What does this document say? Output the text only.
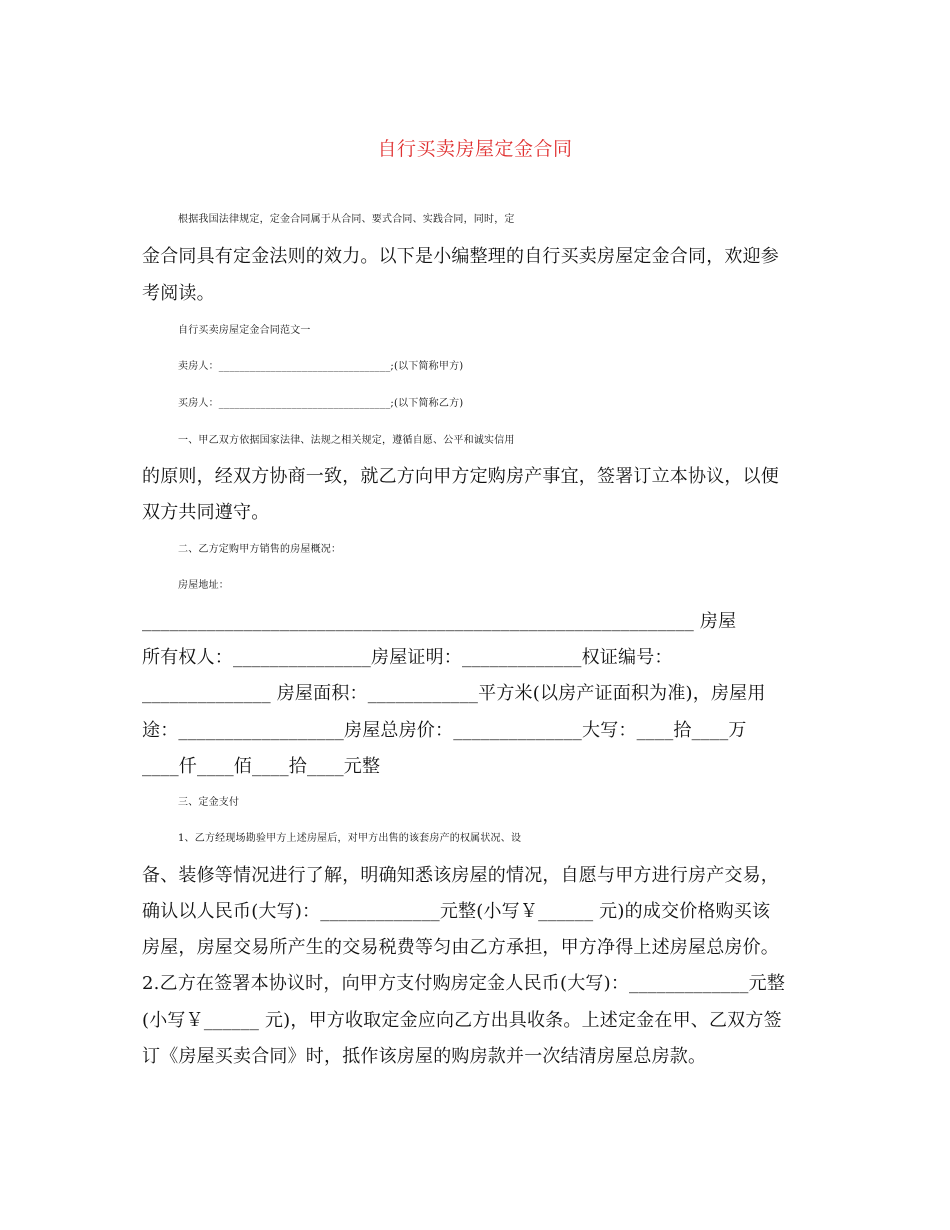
自行买卖房屋定金合同
根据我国法律规定，定金合同属于从合同、要式合同、实践合同，同时，定
金合同具有定金法则的效力。以下是小编整理的自行买卖房屋定金合同，欢迎参
考阅读。
自行买卖房屋定金合同范文一
卖房人：_________________________________;(以下简称甲方)
买房人：_________________________________;(以下简称乙方)
一、甲乙双方依据国家法律、法规之相关规定，遵循自愿、公平和诚实信用
的原则，经双方协商一致，就乙方向甲方定购房产事宜，签署订立本协议，以便
双方共同遵守。
二、乙方定购甲方销售的房屋概况：
房屋地址：
____________________________________________________________ 房屋
所有权人：_______________房屋证明：_____________权证编号：
______________ 房屋面积：____________平方米(以房产证面积为准)，房屋用
途：__________________房屋总房价：______________大写：____拾____万
____仟____佰____拾____元整
三、定金支付
1、乙方经现场勘验甲方上述房屋后，对甲方出售的该套房产的权属状况、设
备、装修等情况进行了解，明确知悉该房屋的情况，自愿与甲方进行房产交易，
确认以人民币(大写)：_____________元整(小写￥______ 元)的成交价格购买该
房屋，房屋交易所产生的交易税费等匀由乙方承担，甲方净得上述房屋总房价。
2.乙方在签署本协议时，向甲方支付购房定金人民币(大写)：_____________元整
(小写￥______ 元)，甲方收取定金应向乙方出具收条。上述定金在甲、乙双方签
订《房屋买卖合同》时，抵作该房屋的购房款并一次结清房屋总房款。
